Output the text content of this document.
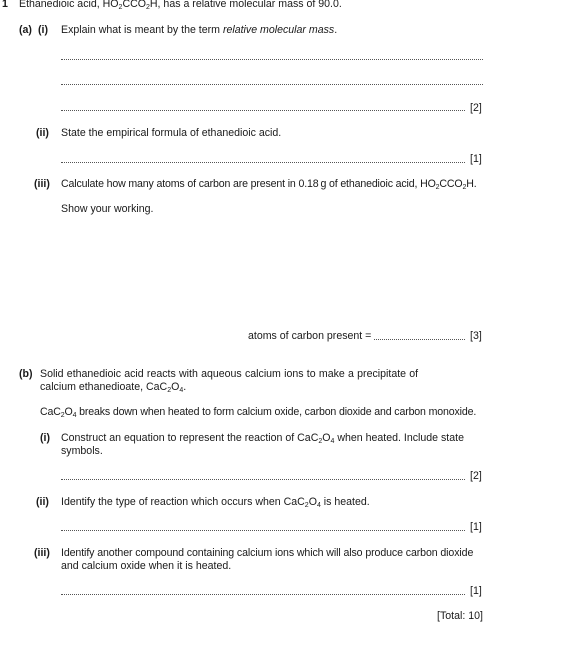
1 Ethanedioic acid, $HO_2CCO_2H$, has a relative molecular mass of 90.0.
(a) (i) Explain what is meant by the term relative molecular mass.
[2]
(ii) State the empirical formula of ethanedioic acid.
[1]
(iii) Calculate how many atoms of carbon are present in 0.18 g of ethanedioic acid, $HO_2CCO_2H$.
Show your working.
atoms of carbon present =	[3]
(b) Solid ethanedioic acid reacts with aqueous calcium ions to make a precipitate of
calcium ethanedioate, $CaC_2O_4$.
$CaC_2O_4$ breaks down when heated to form calcium oxide, carbon dioxide and carbon monoxide.
(i) Construct an equation to represent the reaction of $CaC_2O_4$ when heated. Include state
symbols.
[2]
(ii) Identify the type of reaction which occurs when $CaC_2O_4$ is heated.
[1]
(iii) Identify another compound containing calcium ions which will also produce carbon dioxide
and calcium oxide when it is heated.
[1]
[Total: 10]
